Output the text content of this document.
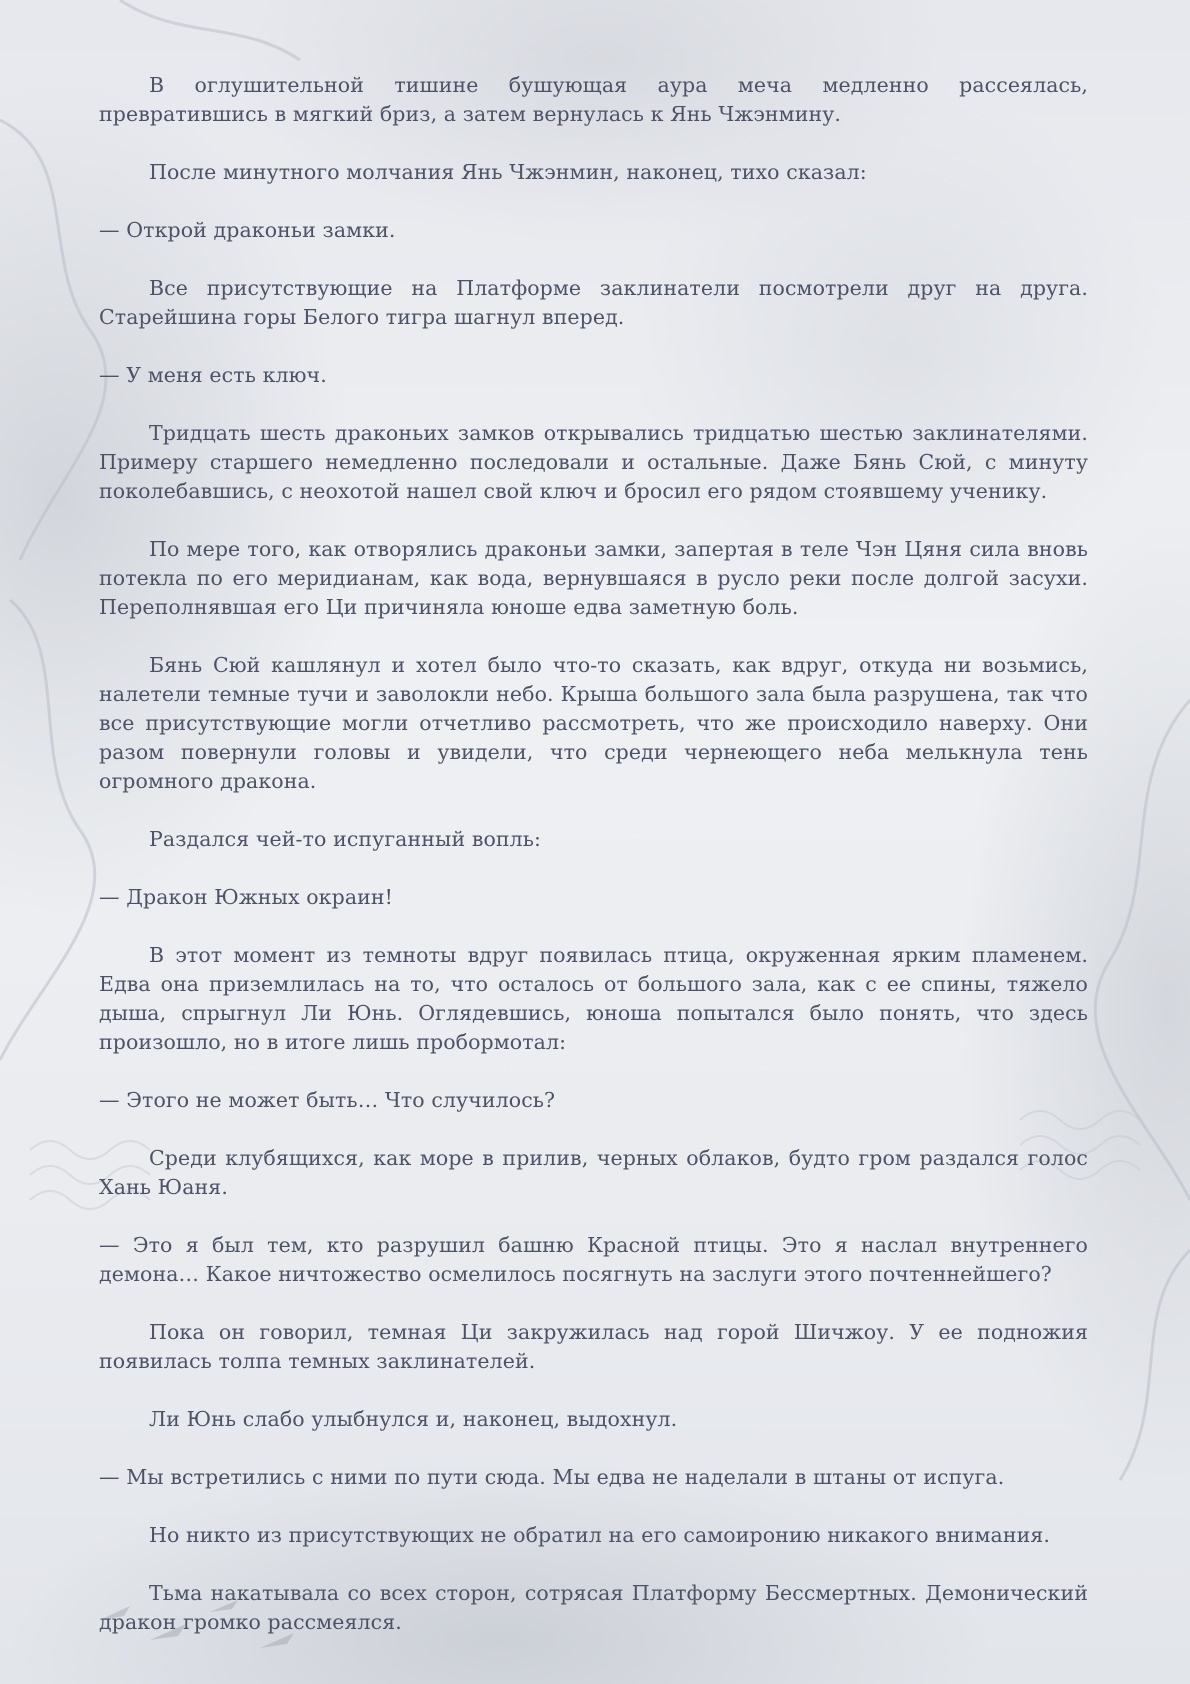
В оглушительной тишине бушующая аура меча медленно рассеялась, превратившись в мягкий бриз, а затем вернулась к Янь Чжэнмину.

После минутного молчания Янь Чжэнмин, наконец, тихо сказал:

— Открой драконьи замки.

Все присутствующие на Платформе заклинатели посмотрели друг на друга. Старейшина горы Белого тигра шагнул вперед.

— У меня есть ключ.

Тридцать шесть драконьих замков открывались тридцатью шестью заклинателями. Примеру старшего немедленно последовали и остальные. Даже Бянь Сюй, с минуту поколебавшись, с неохотой нашел свой ключ и бросил его рядом стоявшему ученику.

По мере того, как отворялись драконьи замки, запертая в теле Чэн Цяня сила вновь потекла по его меридианам, как вода, вернувшаяся в русло реки после долгой засухи. Переполнявшая его Ци причиняла юноше едва заметную боль.

Бянь Сюй кашлянул и хотел было что-то сказать, как вдруг, откуда ни возьмись, налетели темные тучи и заволокли небо. Крыша большого зала была разрушена, так что все присутствующие могли отчетливо рассмотреть, что же происходило наверху. Они разом повернули головы и увидели, что среди чернеющего неба мелькнула тень огромного дракона.

Раздался чей-то испуганный вопль:

— Дракон Южных окраин!

В этот момент из темноты вдруг появилась птица, окруженная ярким пламенем. Едва она приземлилась на то, что осталось от большого зала, как с ее спины, тяжело дыша, спрыгнул Ли Юнь. Оглядевшись, юноша попытался было понять, что здесь произошло, но в итоге лишь пробормотал:

— Этого не может быть… Что случилось?

Среди клубящихся, как море в прилив, черных облаков, будто гром раздался голос Хань Юаня.

— Это я был тем, кто разрушил башню Красной птицы. Это я наслал внутреннего демона… Какое ничтожество осмелилось посягнуть на заслуги этого почтеннейшего?

Пока он говорил, темная Ци закружилась над горой Шичжоу. У ее подножия появилась толпа темных заклинателей.

Ли Юнь слабо улыбнулся и, наконец, выдохнул.

— Мы встретились с ними по пути сюда. Мы едва не наделали в штаны от испуга.

Но никто из присутствующих не обратил на его самоиронию никакого внимания.

Тьма накатывала со всех сторон, сотрясая Платформу Бессмертных. Демонический дракон громко рассмеялся.
